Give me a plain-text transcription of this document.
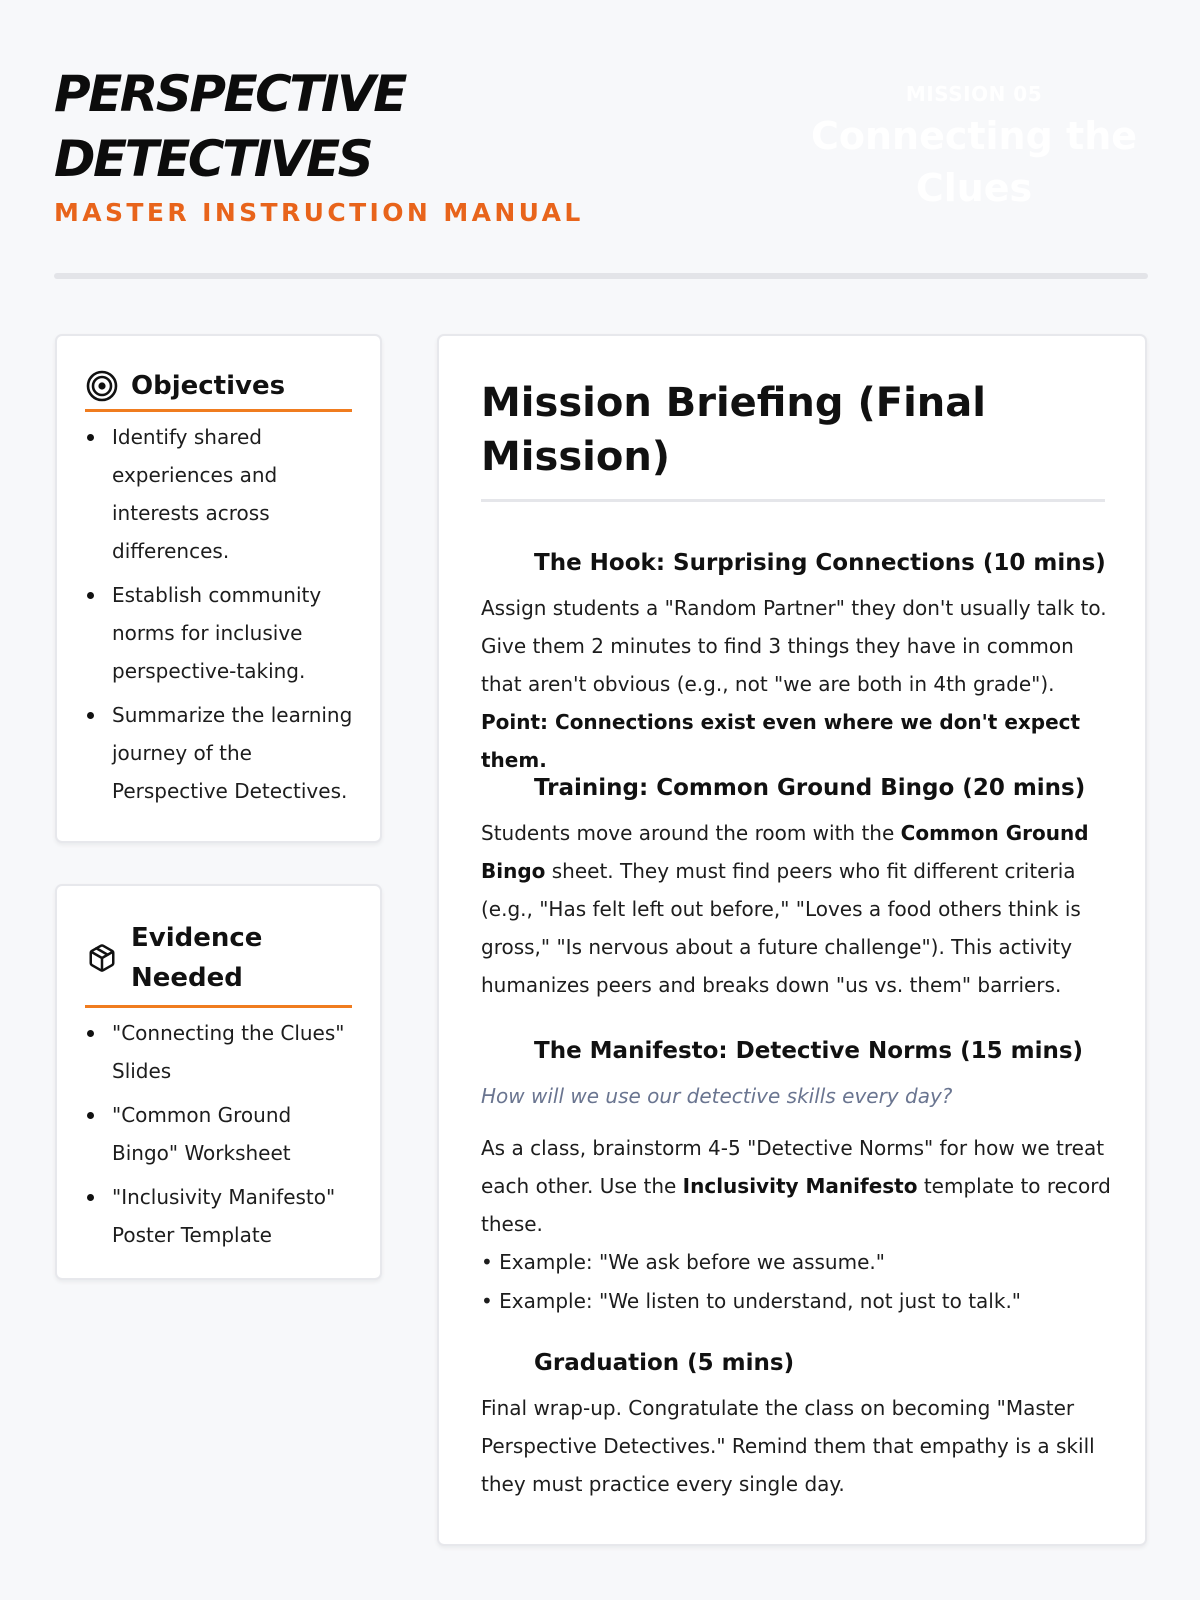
PERSPECTIVE
DETECTIVES
MASTER INSTRUCTION MANUAL
MISSION 05
Connecting the Clues
Objectives
Identify shared experiences and interests across differences.
Establish community norms for inclusive perspective-taking.
Summarize the learning journey of the Perspective Detectives.
Evidence Needed
"Connecting the Clues" Slides
"Common Ground Bingo" Worksheet
"Inclusivity Manifesto" Poster Template
Mission Briefing (Final Mission)
The Hook: Surprising Connections (10 mins)

Assign students a "Random Partner" they don't usually talk to. Give them 2 minutes to find 3 things they have in common that aren't obvious (e.g., not "we are both in 4th grade"). Point: Connections exist even where we don't expect them.

Training: Common Ground Bingo (20 mins)

Students move around the room with the Common Ground Bingo sheet. They must find peers who fit different criteria (e.g., "Has felt left out before," "Loves a food others think is gross," "Is nervous about a future challenge"). This activity humanizes peers and breaks down "us vs. them" barriers.

The Manifesto: Detective Norms (15 mins)

How will we use our detective skills every day?

As a class, brainstorm 4-5 "Detective Norms" for how we treat each other. Use the Inclusivity Manifesto template to record these.

• Example: "We ask before we assume."

• Example: "We listen to understand, not just to talk."

Graduation (5 mins)

Final wrap-up. Congratulate the class on becoming "Master Perspective Detectives." Remind them that empathy is a skill they must practice every single day.
